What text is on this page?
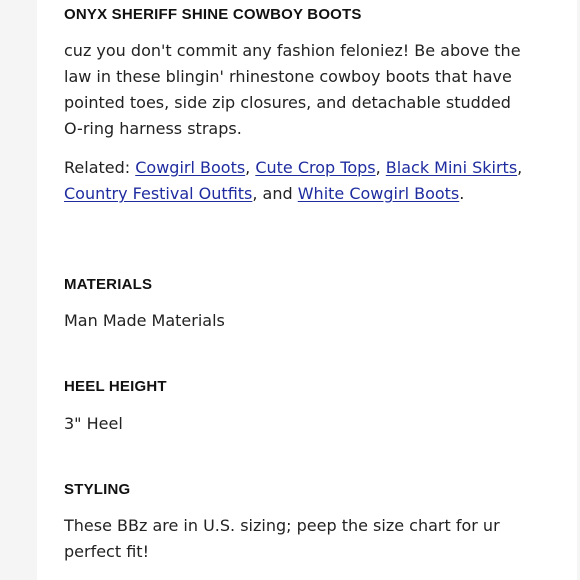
ONYX SHERIFF SHINE COWBOY BOOTS

cuz you don't commit any fashion feloniez! Be above the law in these blingin' rhinestone cowboy boots that have pointed toes, side zip closures, and detachable studded O-ring harness straps.

Related: Cowgirl Boots, Cute Crop Tops, Black Mini Skirts, Country Festival Outfits, and White Cowgirl Boots.

MATERIALS

Man Made Materials

HEEL HEIGHT

3" Heel

STYLING

These BBz are in U.S. sizing; peep the size chart for ur perfect fit!
